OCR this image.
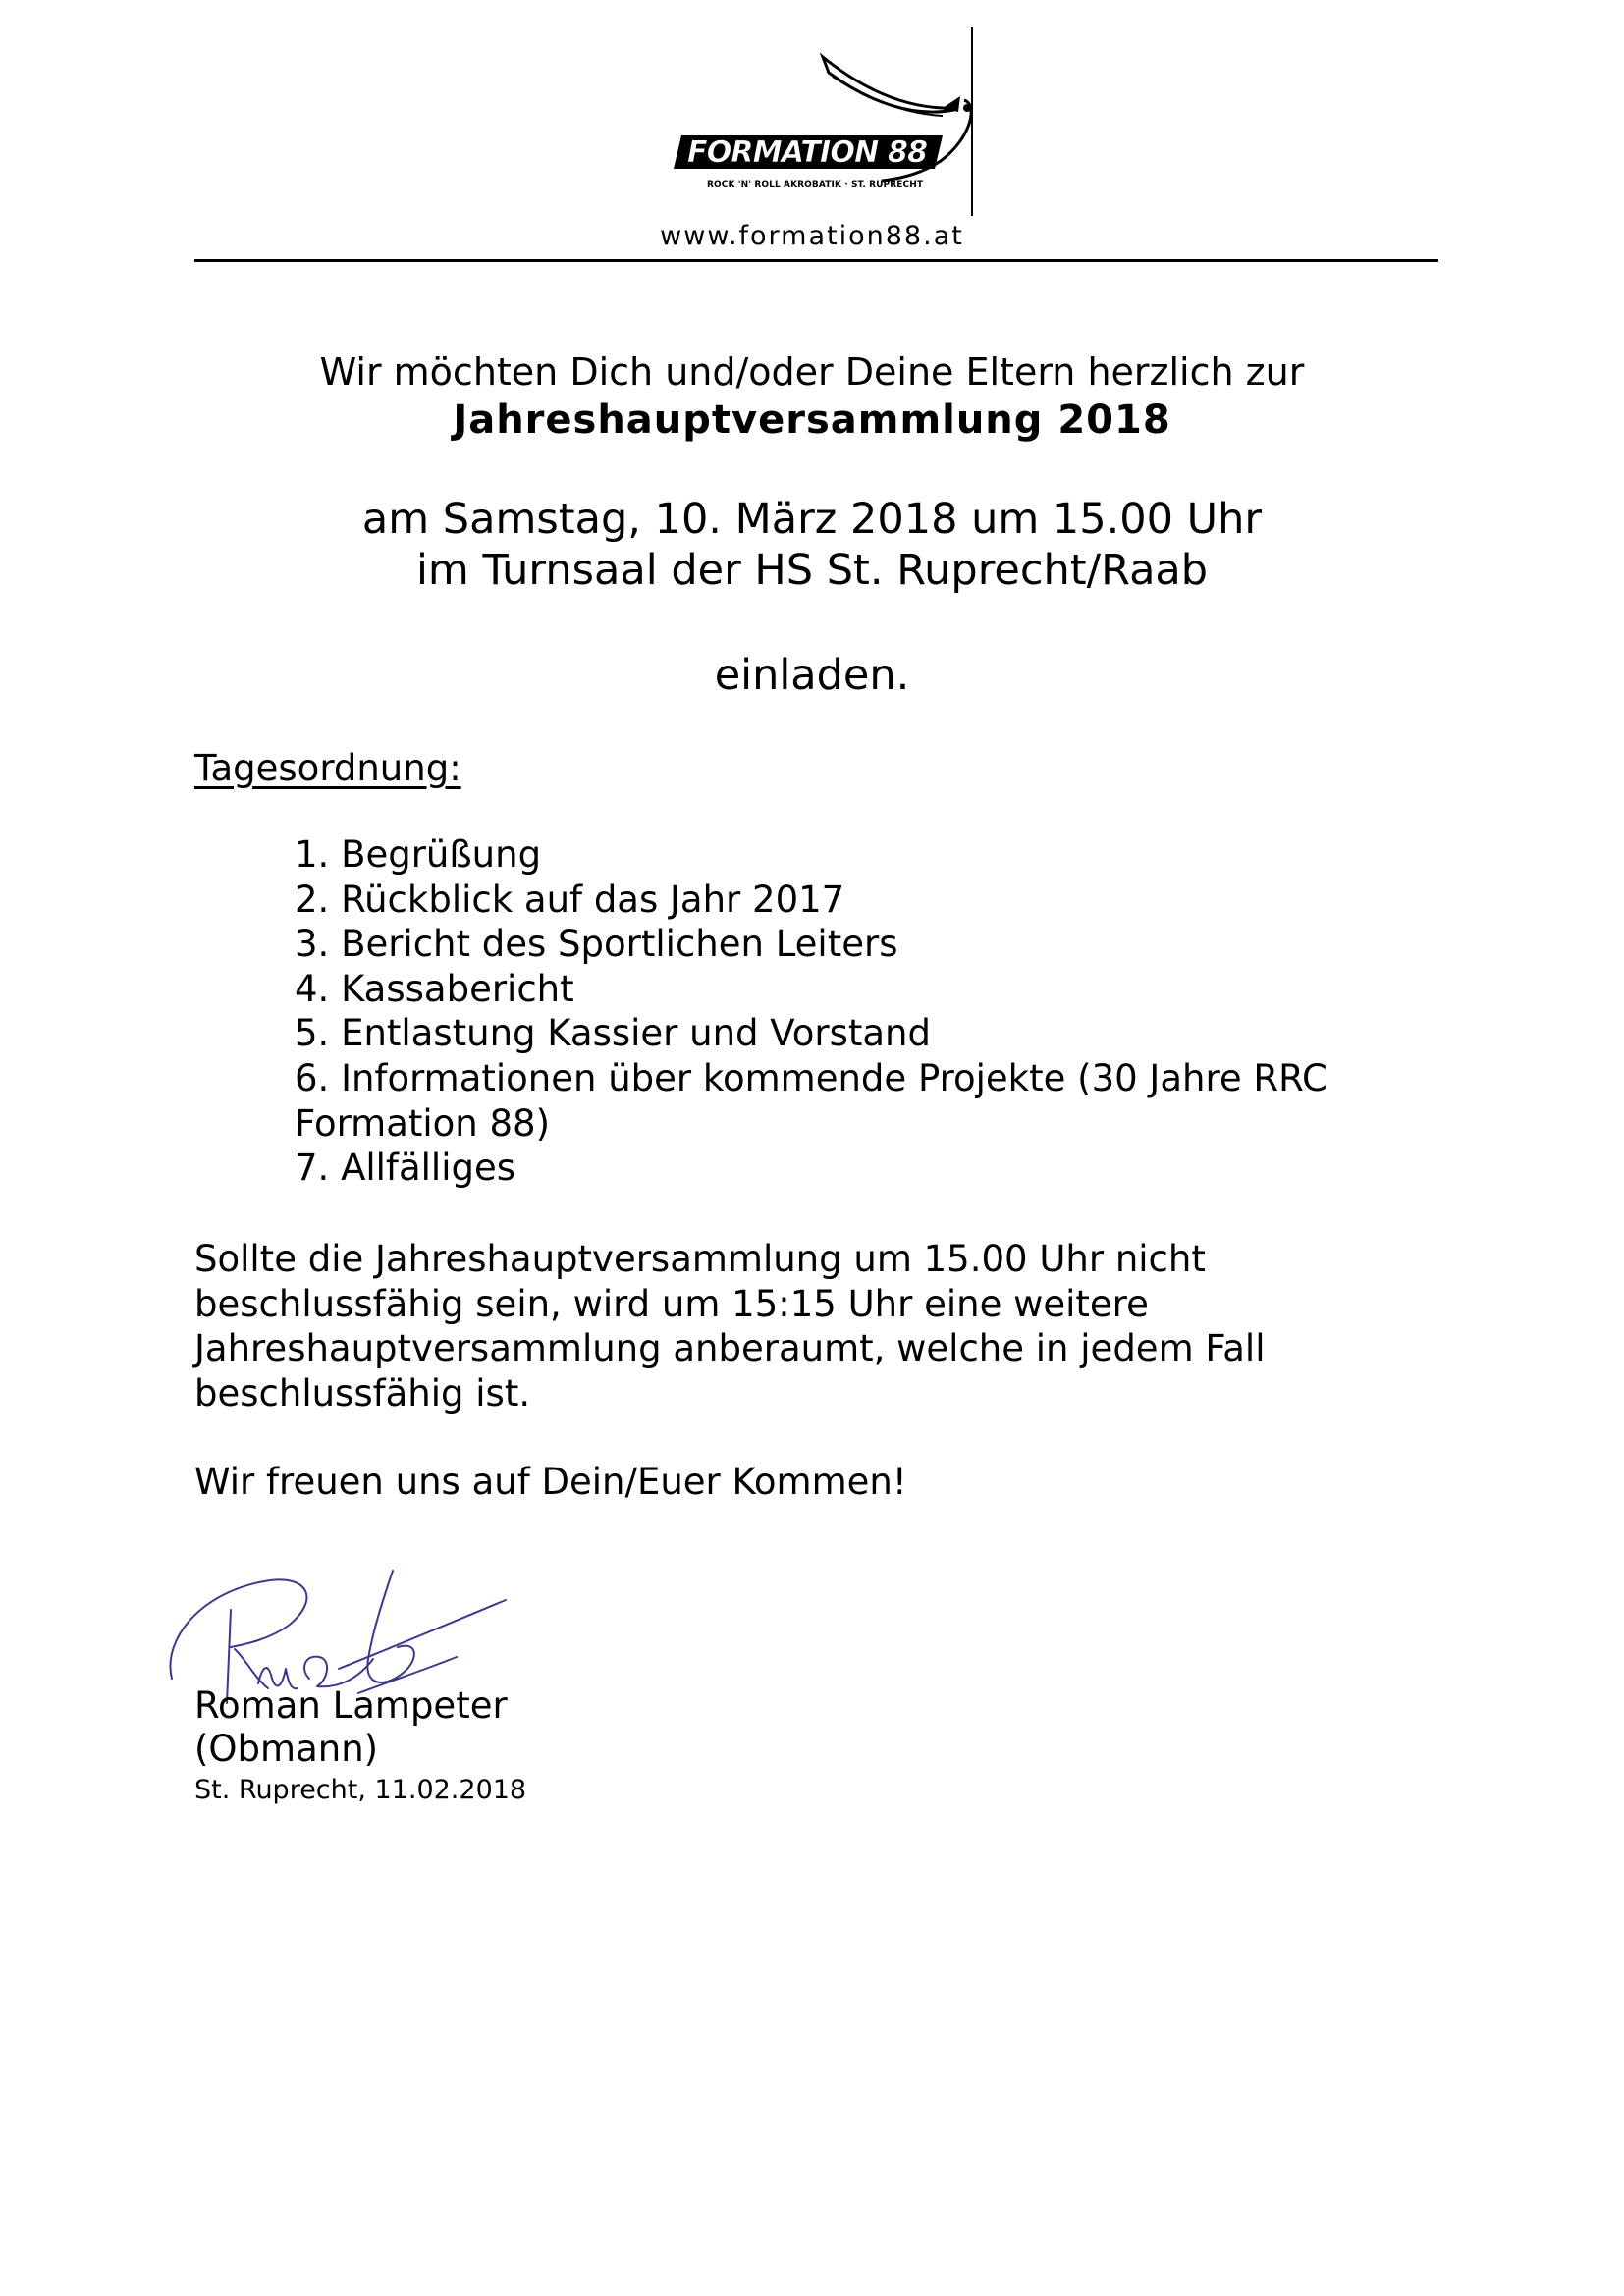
FORMATION 88
ROCK 'N' ROLL AKROBATIK · ST. RUPRECHT
www.formation88.at
Wir möchten Dich und/oder Deine Eltern herzlich zur
Jahreshauptversammlung 2018
am Samstag, 10. März 2018 um 15.00 Uhr
im Turnsaal der HS St. Ruprecht/Raab
einladen.
Tagesordnung:
1. Begrüßung
2. Rückblick auf das Jahr 2017
3. Bericht des Sportlichen Leiters
4. Kassabericht
5. Entlastung Kassier und Vorstand
6. Informationen über kommende Projekte (30 Jahre RRC Formation 88)
7. Allfälliges
Sollte die Jahreshauptversammlung um 15.00 Uhr nicht beschlussfähig sein, wird um 15:15 Uhr eine weitere Jahreshauptversammlung anberaumt, welche in jedem Fall beschlussfähig ist.
Wir freuen uns auf Dein/Euer Kommen!
Roman Lampeter
(Obmann)
St. Ruprecht, 11.02.2018
